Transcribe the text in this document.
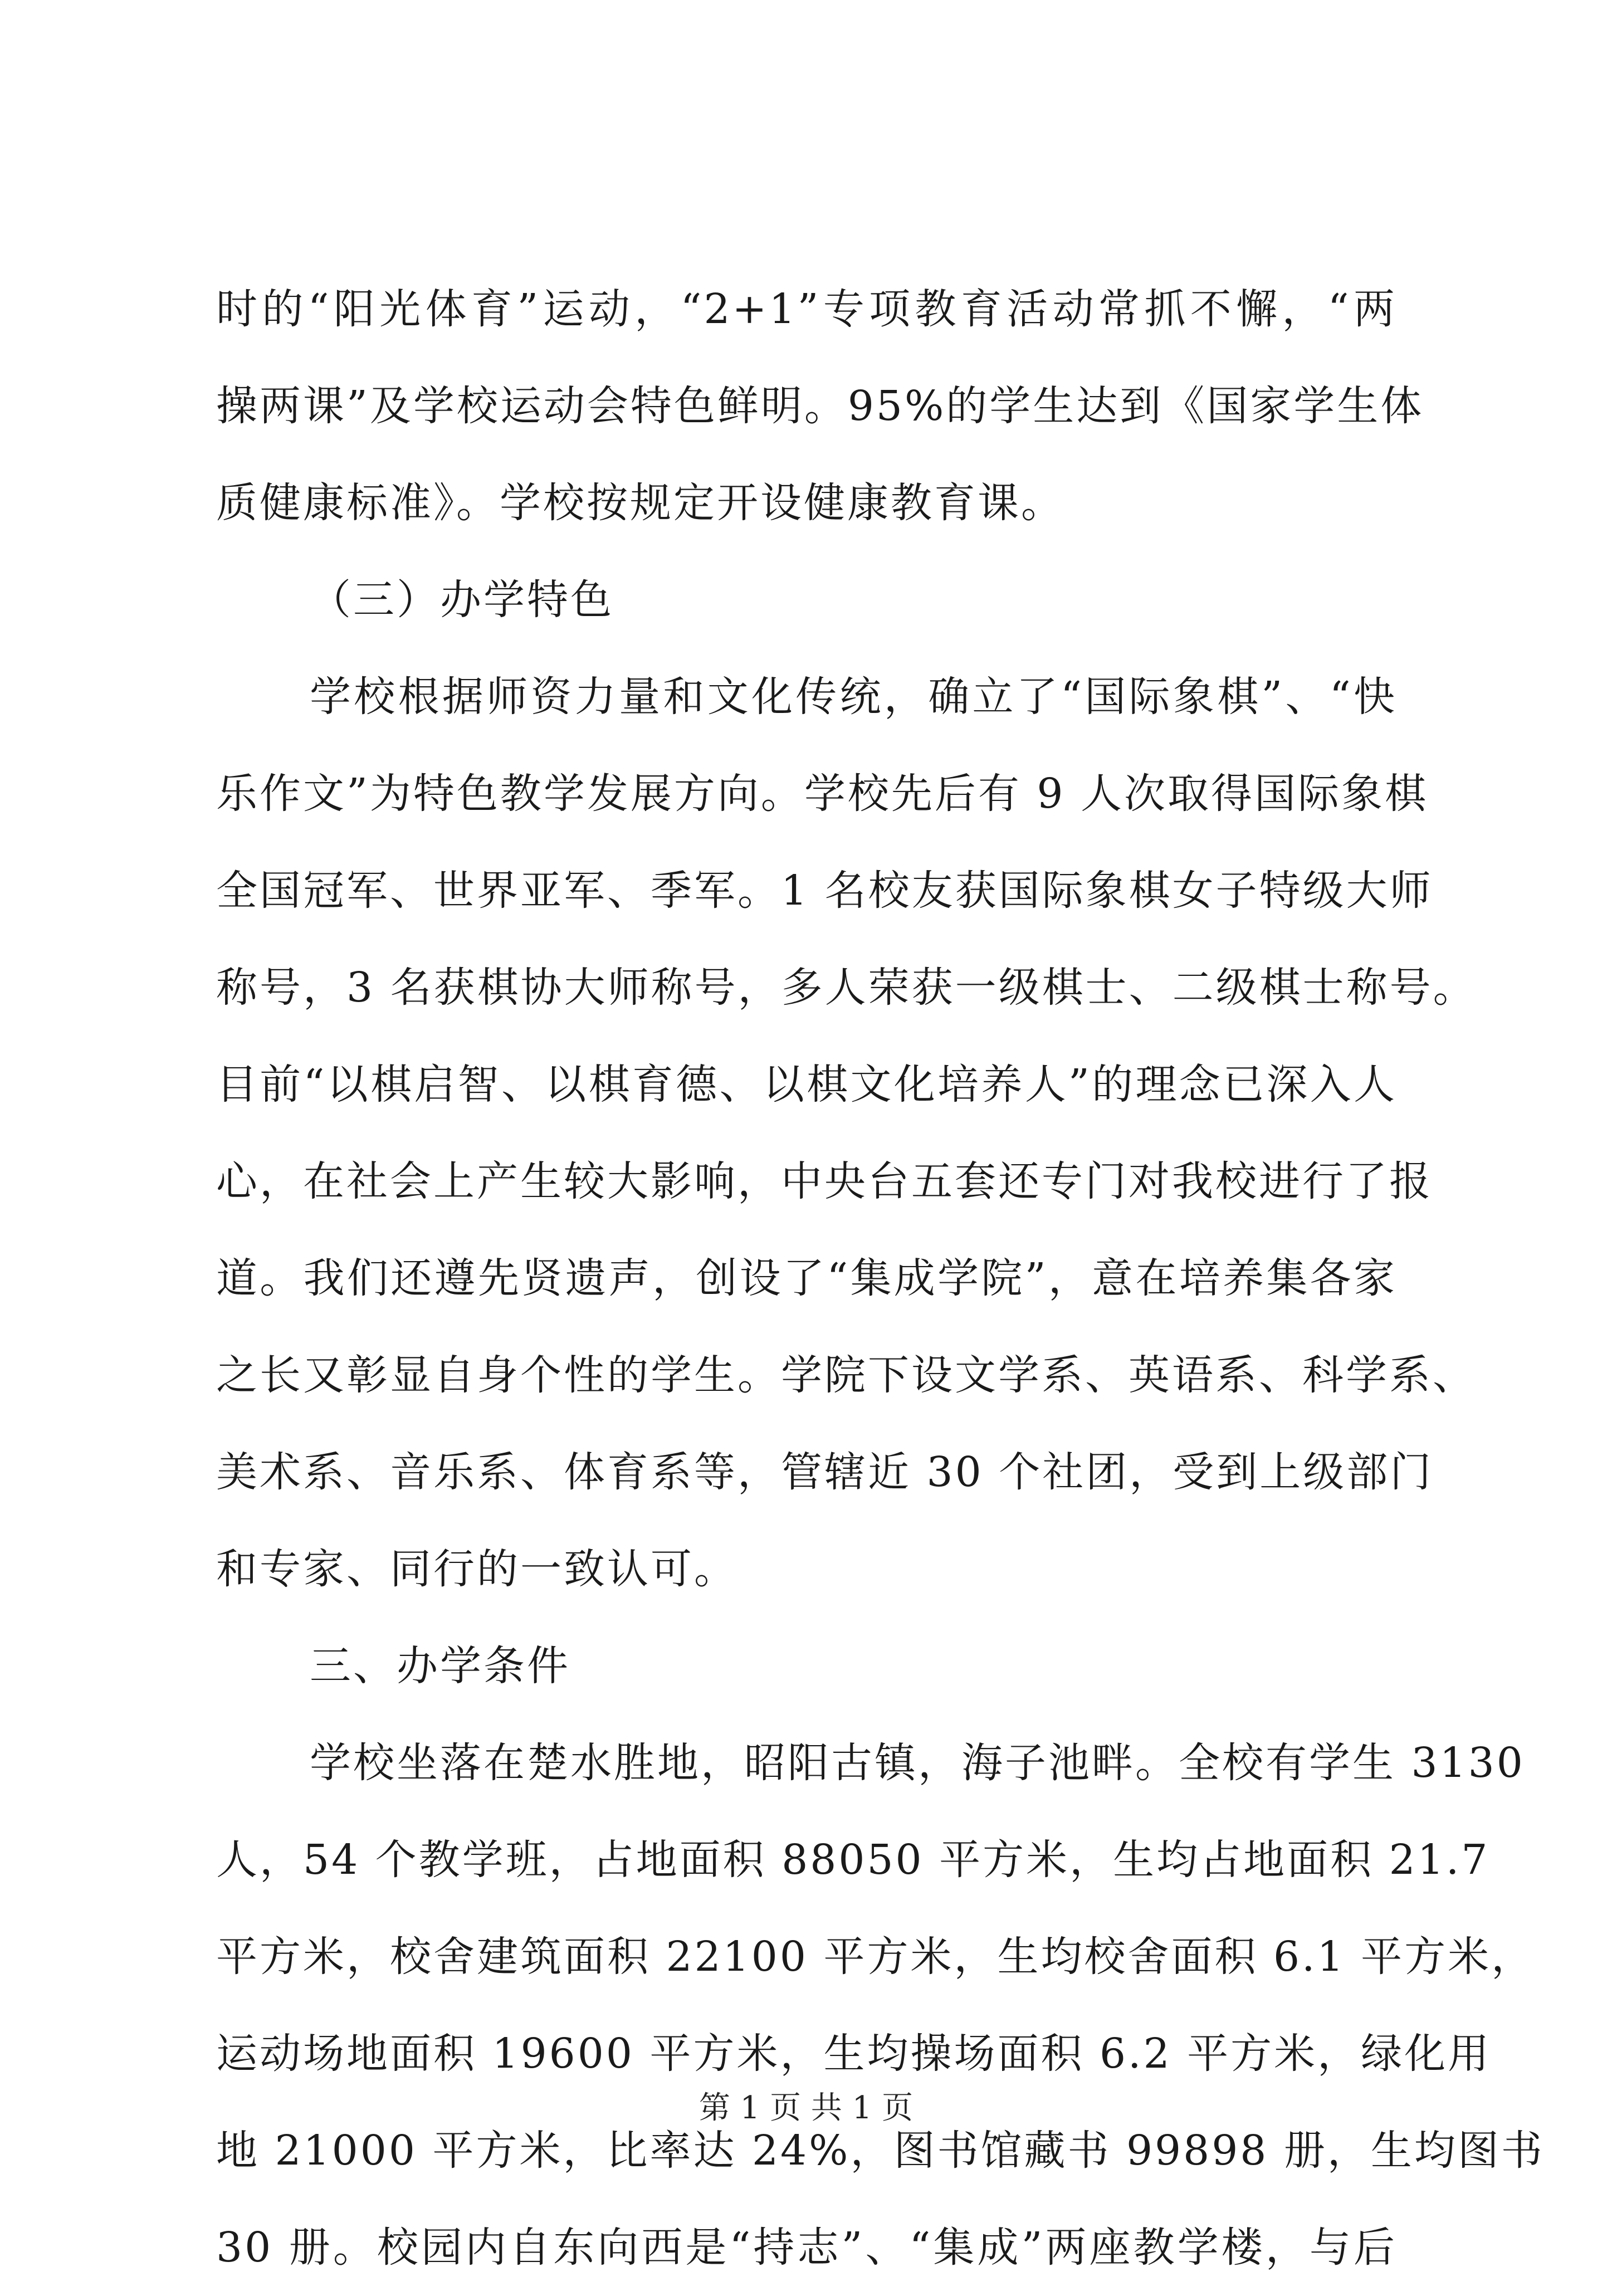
时的“阳光体育”运动，“2+1”专项教育活动常抓不懈，“两
操两课”及学校运动会特色鲜明。95%的学生达到《国家学生体
质健康标准》。学校按规定开设健康教育课。
（三）办学特色
学校根据师资力量和文化传统，确立了“国际象棋”、“快
乐作文”为特色教学发展方向。学校先后有 9 人次取得国际象棋
全国冠军、世界亚军、季军。1 名校友获国际象棋女子特级大师
称号，3 名获棋协大师称号，多人荣获一级棋士、二级棋士称号。
目前“以棋启智、以棋育德、以棋文化培养人”的理念已深入人
心，在社会上产生较大影响，中央台五套还专门对我校进行了报
道。我们还遵先贤遗声，创设了“集成学院”，意在培养集各家
之长又彰显自身个性的学生。学院下设文学系、英语系、科学系、
美术系、音乐系、体育系等，管辖近 30 个社团，受到上级部门
和专家、同行的一致认可。
三、办学条件
学校坐落在楚水胜地，昭阳古镇，海子池畔。全校有学生 3130
人，54 个教学班，占地面积 88050 平方米，生均占地面积 21.7
平方米，校舍建筑面积 22100 平方米，生均校舍面积 6.1 平方米，
运动场地面积 19600 平方米，生均操场面积 6.2 平方米，绿化用
地 21000 平方米，比率达 24%，图书馆藏书 99898 册，生均图书
30 册。校园内自东向西是“持志”、“集成”两座教学楼，与后
第 1 页 共 1 页
